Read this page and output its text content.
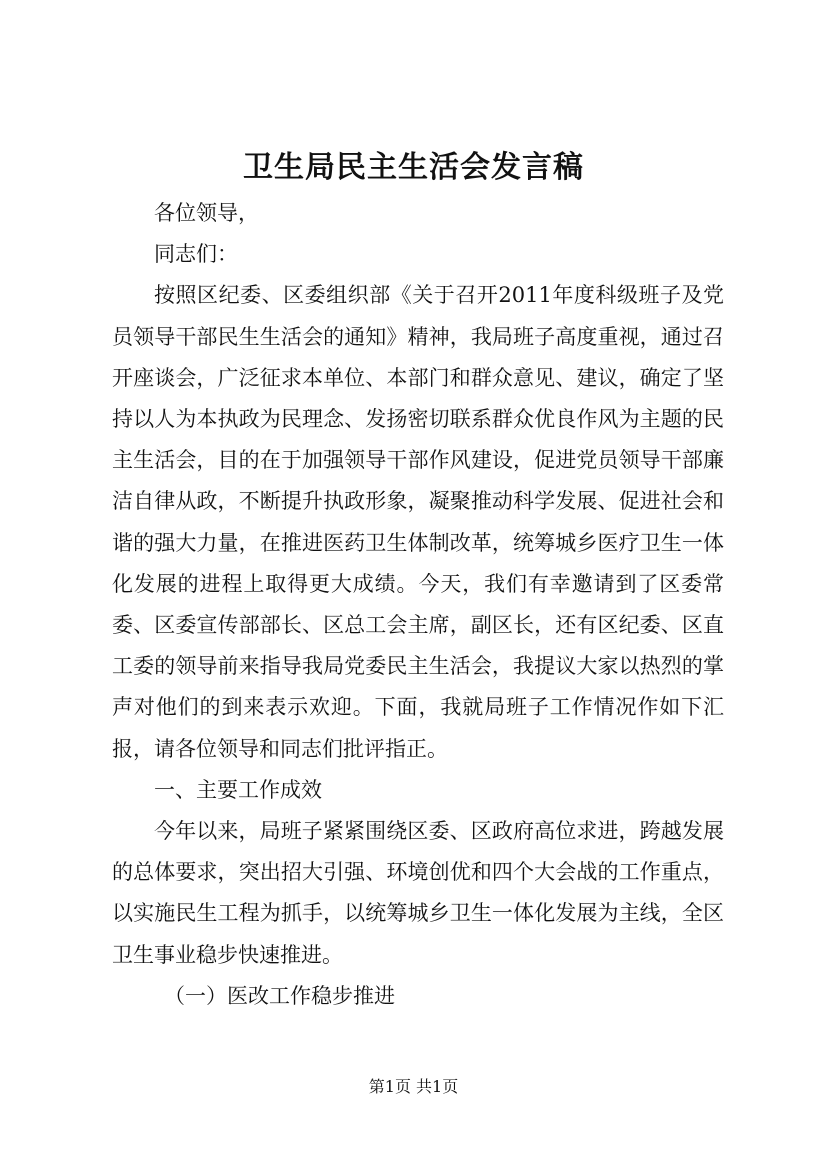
卫生局民主生活会发言稿

各位领导，

同志们：

按照区纪委、区委组织部《关于召开2011年度科级班子及党员领导干部民生生活会的通知》精神，我局班子高度重视，通过召开座谈会，广泛征求本单位、本部门和群众意见、建议，确定了坚持以人为本执政为民理念、发扬密切联系群众优良作风为主题的民主生活会，目的在于加强领导干部作风建设，促进党员领导干部廉洁自律从政，不断提升执政形象，凝聚推动科学发展、促进社会和谐的强大力量，在推进医药卫生体制改革，统筹城乡医疗卫生一体化发展的进程上取得更大成绩。今天，我们有幸邀请到了区委常委、区委宣传部部长、区总工会主席，副区长，还有区纪委、区直工委的领导前来指导我局党委民主生活会，我提议大家以热烈的掌声对他们的到来表示欢迎。下面，我就局班子工作情况作如下汇报，请各位领导和同志们批评指正。

一、主要工作成效

今年以来，局班子紧紧围绕区委、区政府高位求进，跨越发展的总体要求，突出招大引强、环境创优和四个大会战的工作重点，以实施民生工程为抓手，以统筹城乡卫生一体化发展为主线，全区卫生事业稳步快速推进。

（一）医改工作稳步推进

第1页 共1页
